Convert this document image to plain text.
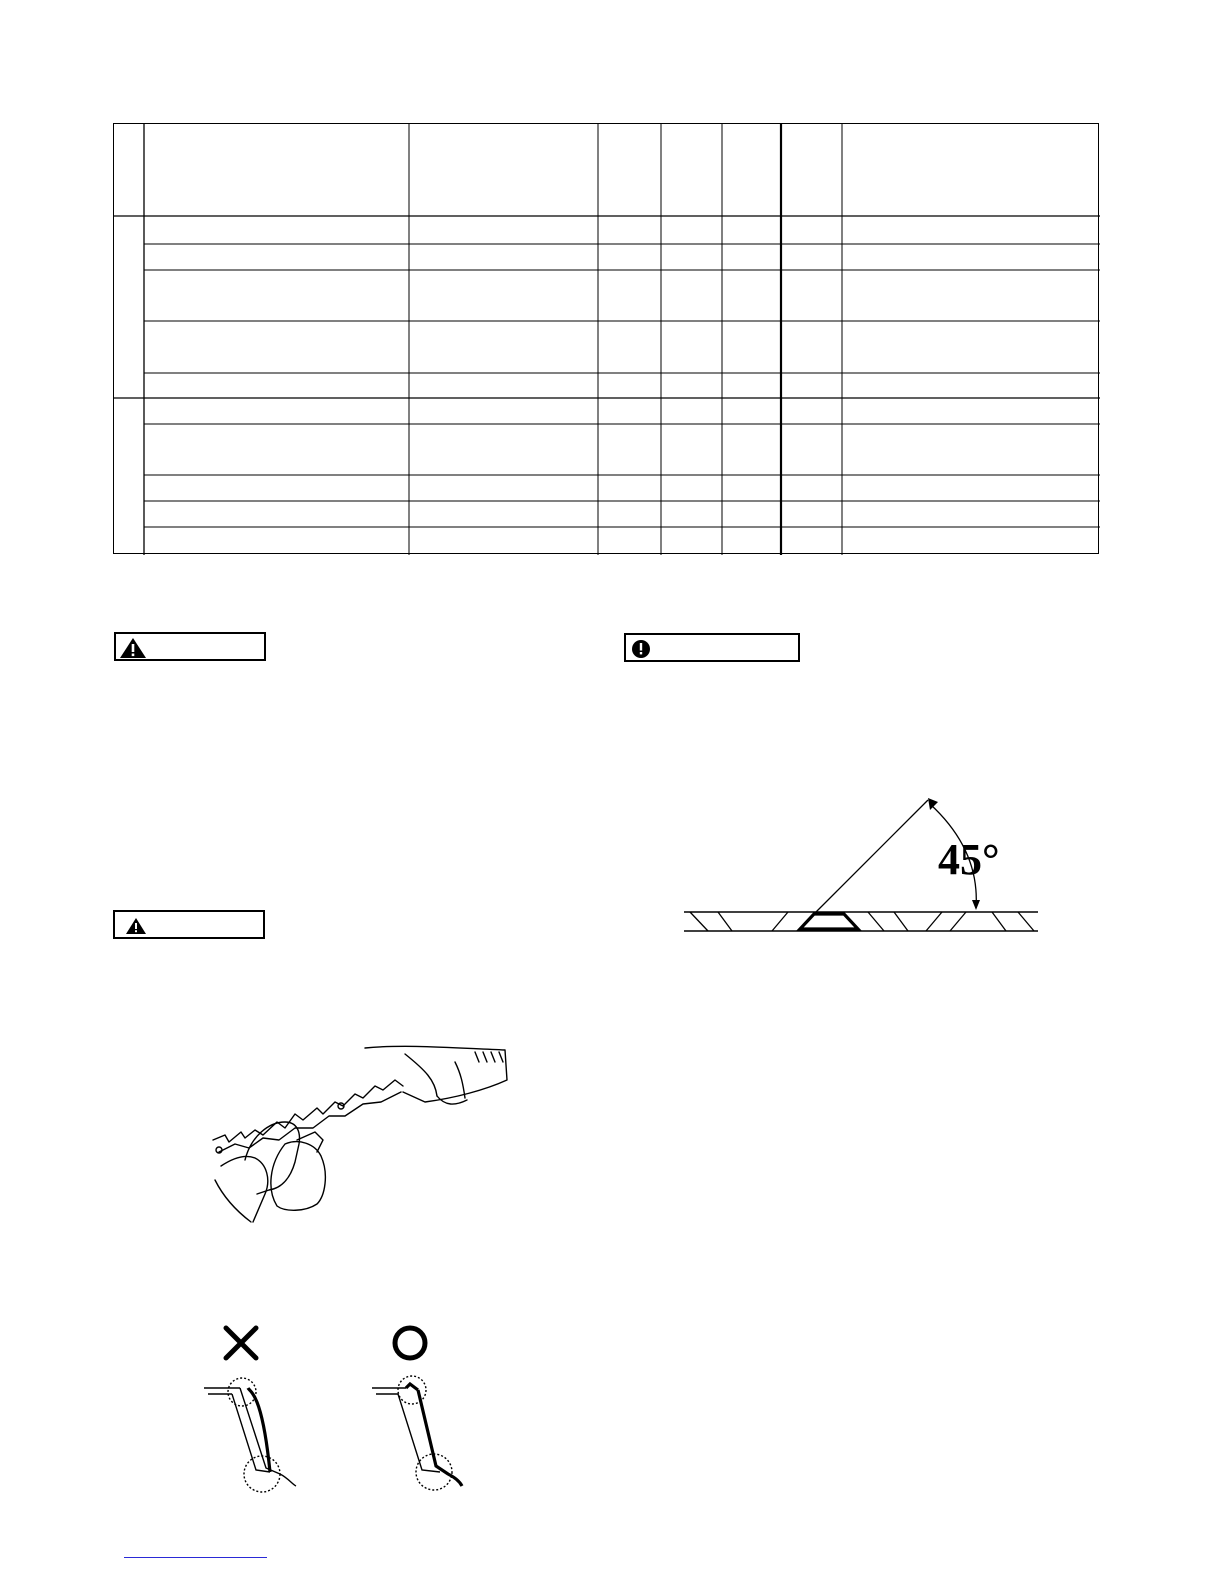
45°
